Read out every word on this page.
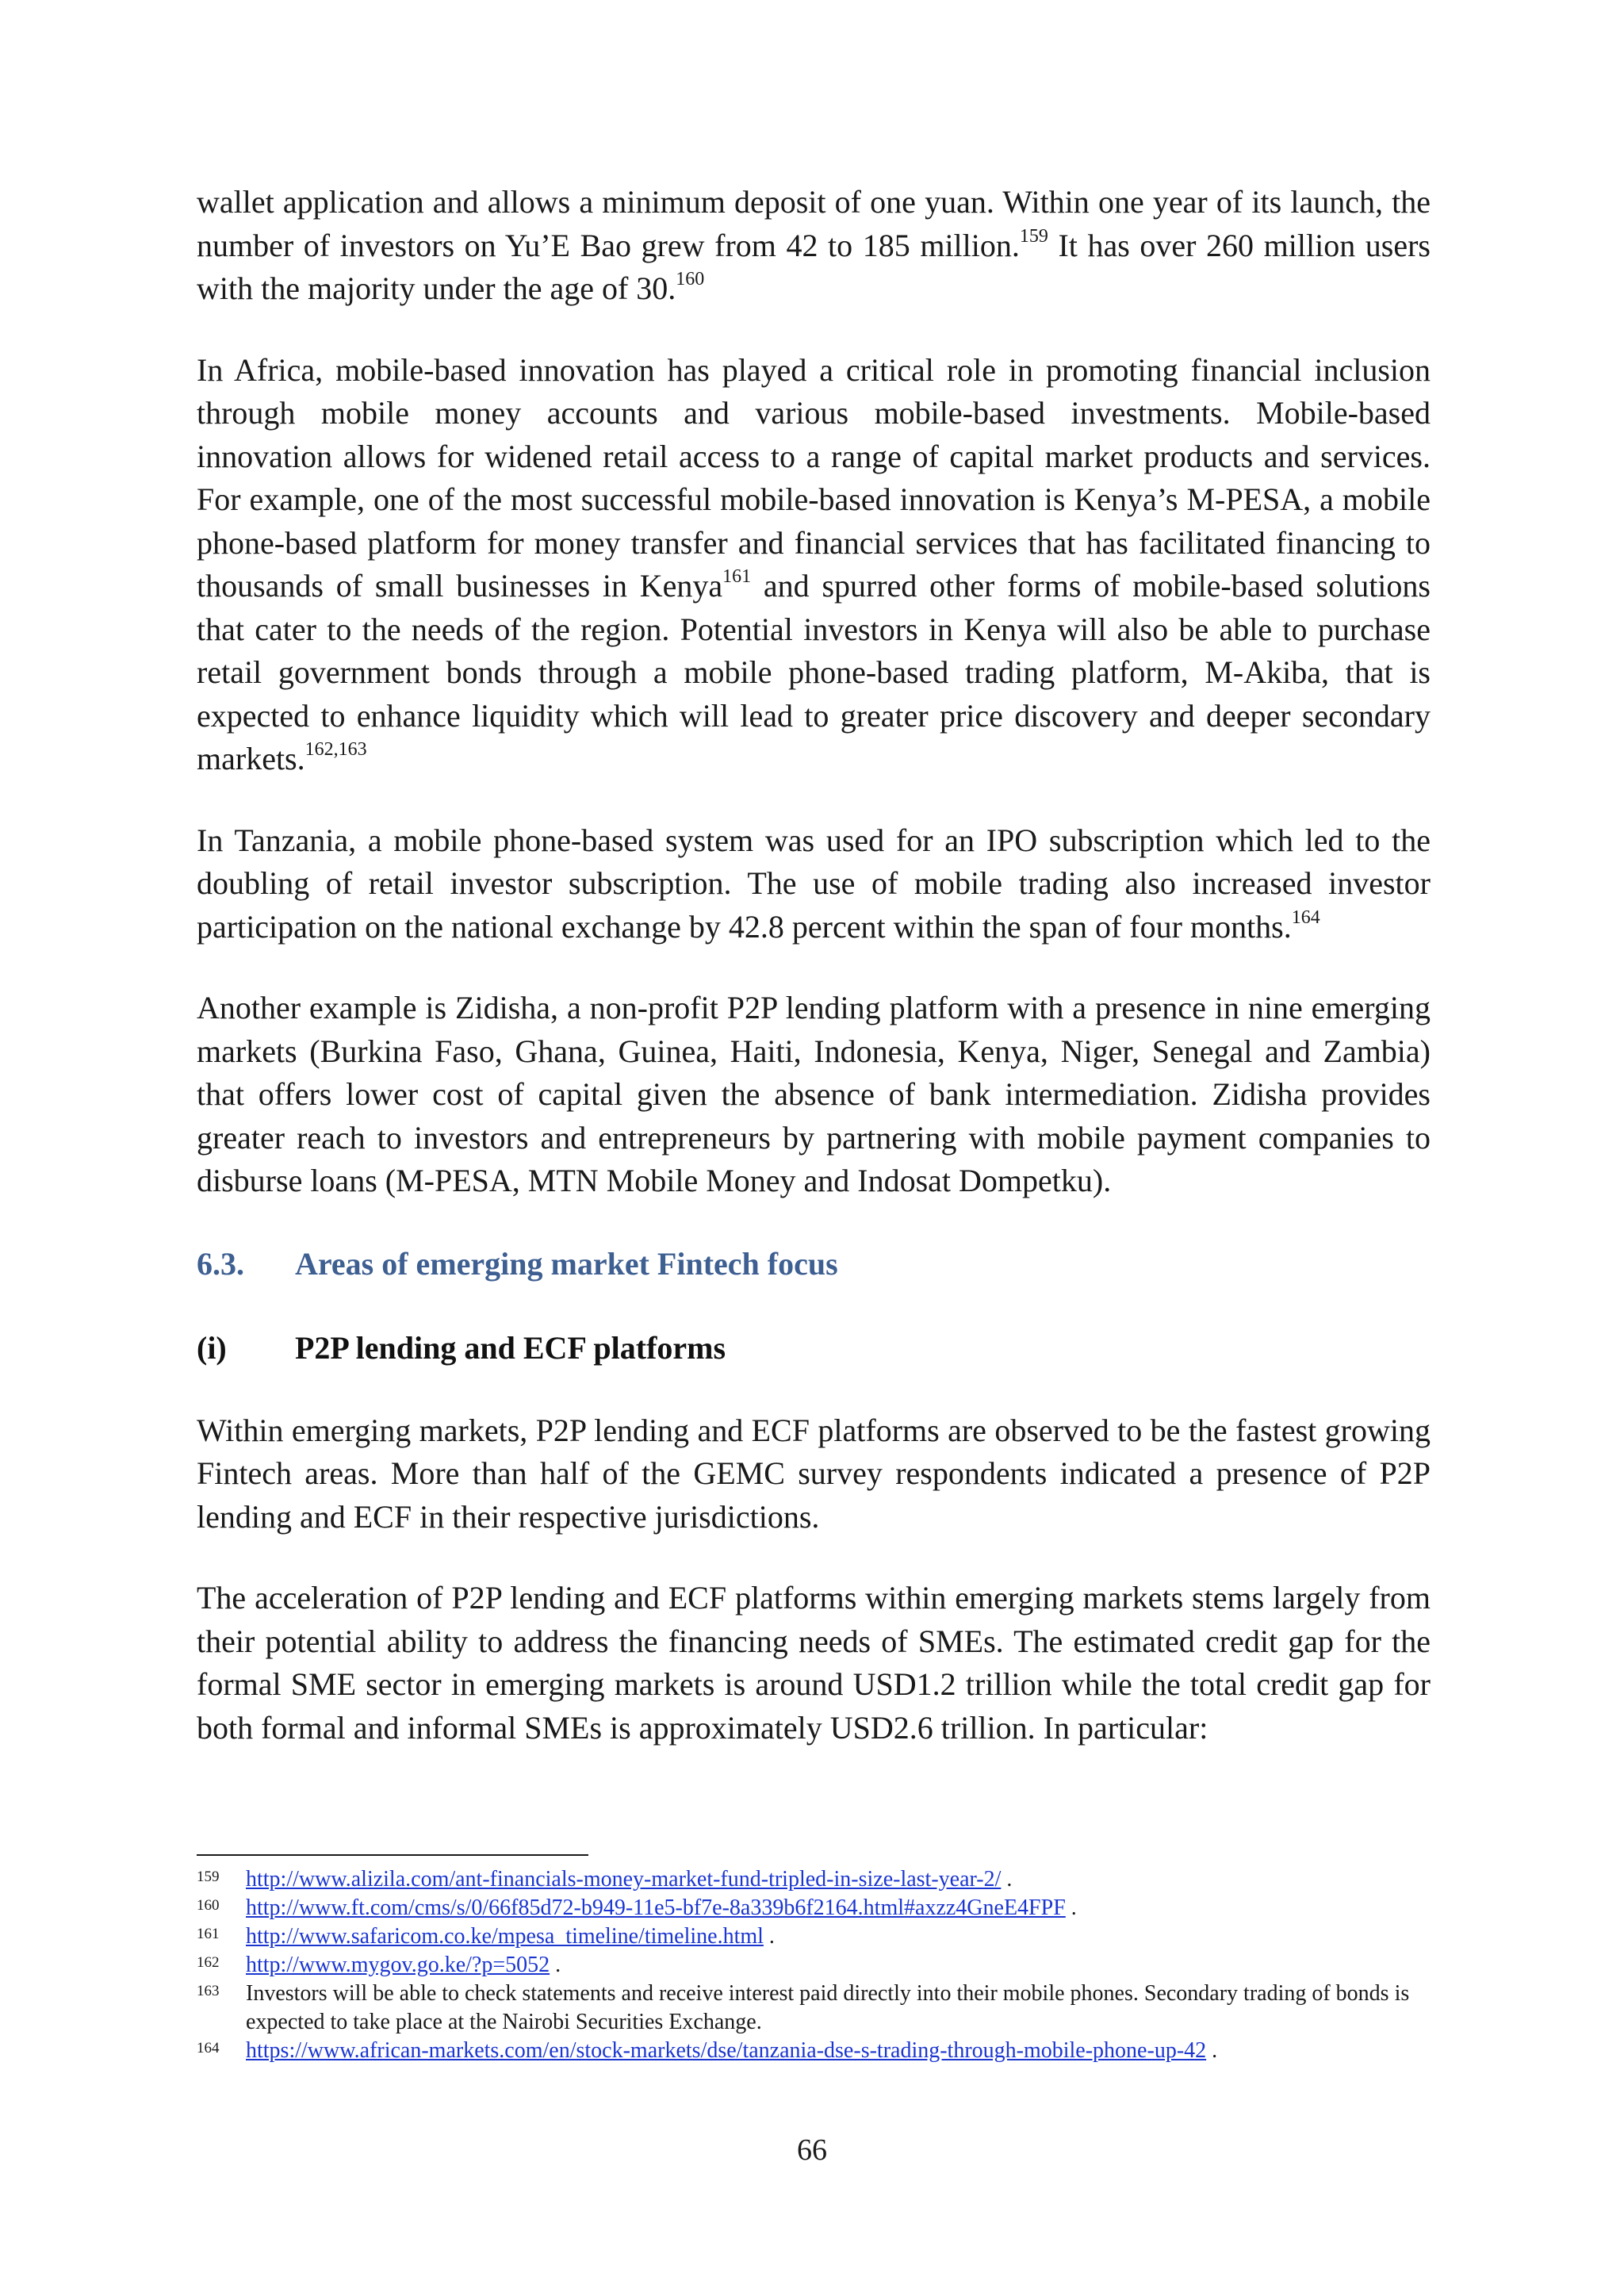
wallet application and allows a minimum deposit of one yuan. Within one year of its launch, the number of investors on Yu’E Bao grew from 42 to 185 million.$^{159}$ It has over 260 million users with the majority under the age of 30.$^{160}$

In Africa, mobile-based innovation has played a critical role in promoting financial inclusion through mobile money accounts and various mobile-based investments. Mobile-based innovation allows for widened retail access to a range of capital market products and services. For example, one of the most successful mobile-based innovation is Kenya’s M-PESA, a mobile phone-based platform for money transfer and financial services that has facilitated financing to thousands of small businesses in Kenya$^{161}$ and spurred other forms of mobile-based solutions that cater to the needs of the region. Potential investors in Kenya will also be able to purchase retail government bonds through a mobile phone-based trading platform, M-Akiba, that is expected to enhance liquidity which will lead to greater price discovery and deeper secondary markets.$^{162,163}$

In Tanzania, a mobile phone-based system was used for an IPO subscription which led to the doubling of retail investor subscription. The use of mobile trading also increased investor participation on the national exchange by 42.8 percent within the span of four months.$^{164}$

Another example is Zidisha, a non-profit P2P lending platform with a presence in nine emerging markets (Burkina Faso, Ghana, Guinea, Haiti, Indonesia, Kenya, Niger, Senegal and Zambia) that offers lower cost of capital given the absence of bank intermediation. Zidisha provides greater reach to investors and entrepreneurs by partnering with mobile payment companies to disburse loans (M-PESA, MTN Mobile Money and Indosat Dompetku).

6.3. Areas of emerging market Fintech focus
(i) P2P lending and ECF platforms

Within emerging markets, P2P lending and ECF platforms are observed to be the fastest growing Fintech areas. More than half of the GEMC survey respondents indicated a presence of P2P lending and ECF in their respective jurisdictions.

The acceleration of P2P lending and ECF platforms within emerging markets stems largely from their potential ability to address the financing needs of SMEs. The estimated credit gap for the formal SME sector in emerging markets is around USD1.2 trillion while the total credit gap for both formal and informal SMEs is approximately USD2.6 trillion. In particular:

159	http://www.alizila.com/ant-financials-money-market-fund-tripled-in-size-last-year-2/ .
160	http://www.ft.com/cms/s/0/66f85d72-b949-11e5-bf7e-8a339b6f2164.html#axzz4GneE4FPF .
161	http://www.safaricom.co.ke/mpesa_timeline/timeline.html .
162	http://www.mygov.go.ke/?p=5052 .
163	Investors will be able to check statements and receive interest paid directly into their mobile phones. Secondary trading of bonds is expected to take place at the Nairobi Securities Exchange.
164	https://www.african-markets.com/en/stock-markets/dse/tanzania-dse-s-trading-through-mobile-phone-up-42 .
66
